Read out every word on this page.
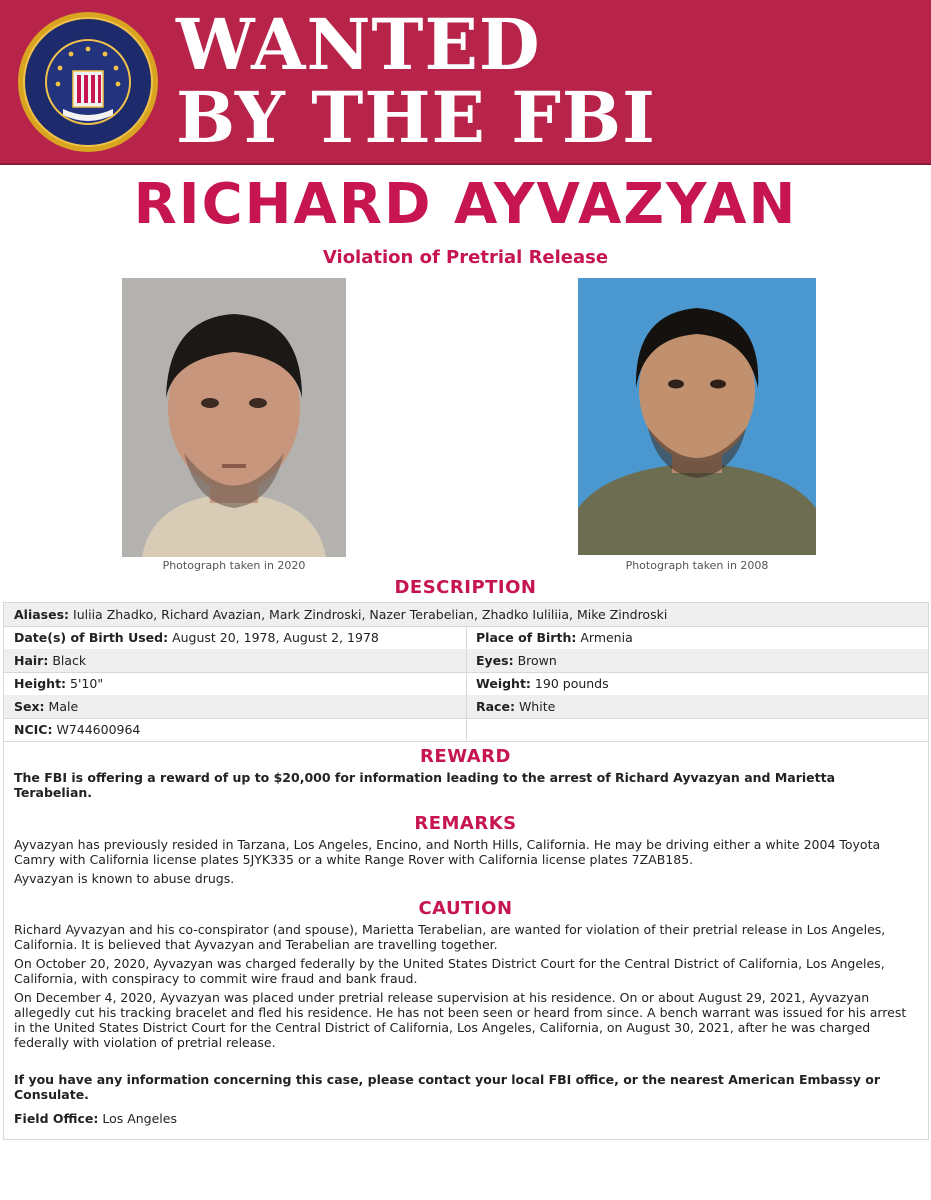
WANTED
BY THE FBI
RICHARD AYVAZYAN
Violation of Pretrial Release
Photograph taken in 2020	Photograph taken in 2008
DESCRIPTION
Aliases: Iuliia Zhadko, Richard Avazian, Mark Zindroski, Nazer Terabelian, Zhadko Iuliliia, Mike Zindroski
Date(s) of Birth Used: August 20, 1978, August 2, 1978	Place of Birth: Armenia
Hair: Black	Eyes: Brown
Height: 5'10"	Weight: 190 pounds
Sex: Male	Race: White
NCIC: W744600964
REWARD
The FBI is offering a reward of up to $20,000 for information leading to the arrest of Richard Ayvazyan and Marietta Terabelian.
REMARKS
Ayvazyan has previously resided in Tarzana, Los Angeles, Encino, and North Hills, California. He may be driving either a white 2004 Toyota Camry with California license plates 5JYK335 or a white Range Rover with California license plates 7ZAB185.
Ayvazyan is known to abuse drugs.
CAUTION
Richard Ayvazyan and his co-conspirator (and spouse), Marietta Terabelian, are wanted for violation of their pretrial release in Los Angeles, California. It is believed that Ayvazyan and Terabelian are travelling together.
On October 20, 2020, Ayvazyan was charged federally by the United States District Court for the Central District of California, Los Angeles, California, with conspiracy to commit wire fraud and bank fraud.
On December 4, 2020, Ayvazyan was placed under pretrial release supervision at his residence. On or about August 29, 2021, Ayvazyan allegedly cut his tracking bracelet and fled his residence. He has not been seen or heard from since. A bench warrant was issued for his arrest in the United States District Court for the Central District of California, Los Angeles, California, on August 30, 2021, after he was charged federally with violation of pretrial release.
If you have any information concerning this case, please contact your local FBI office, or the nearest American Embassy or Consulate.
Field Office: Los Angeles
